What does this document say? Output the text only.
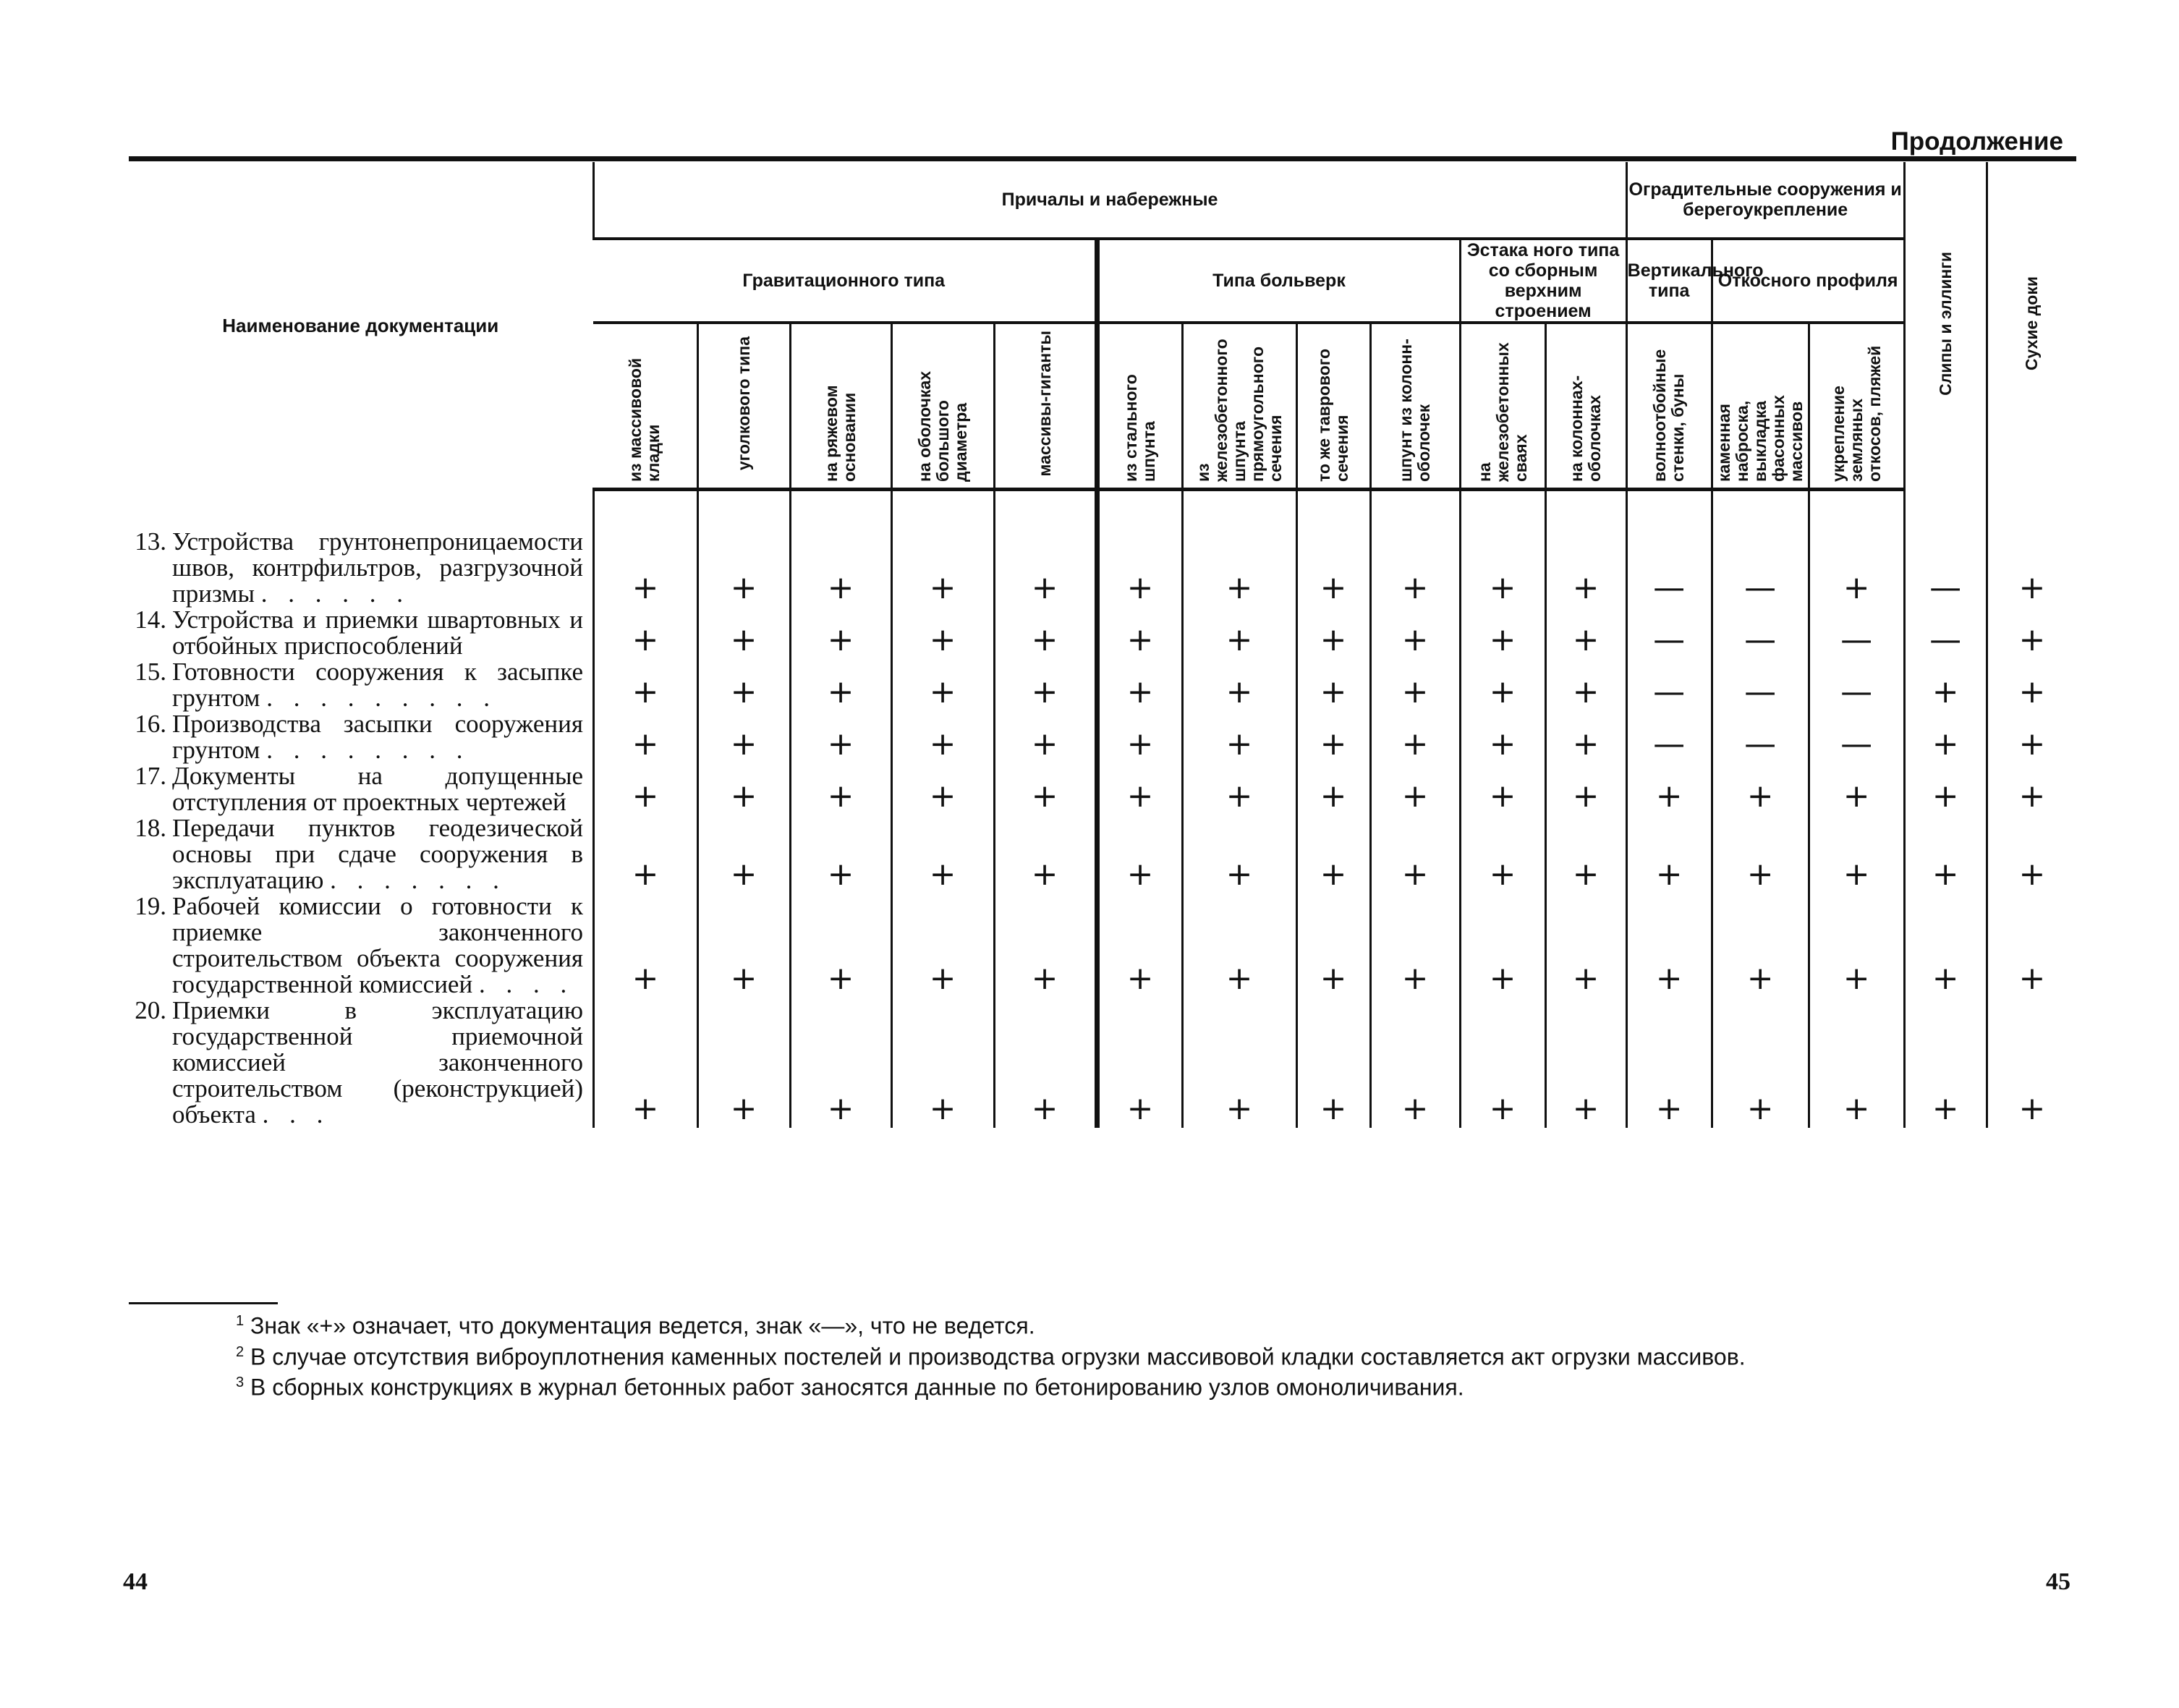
Продолжение
Наименование документации	Причалы и набережные											Оградительные сооружения и берегоукрепление			Слипы и эллинги	Сухие доки
	Гравитационного типа					Типа больверк				Эстака ного типа со сборным верхним строением		Вертикального типа	Откосного профиля			
	из массивовой кладки	уголкового типа	на ряжевом основании	на оболочках большого диаметра	массивы-гиганты	из стального шпунта	из железобетонного шпунта прямоугольного сечения	то же таврового сечения	шпунт из колонн-оболочек	на железобетонных сваях	на колоннах-оболочках	волноотбойные стенки, буны	каменная наброска, выкладка фасонных массивов	укрепление земляных откосов, пляжей		
13. Устройства грунтонепроницаемости швов, контрфильтров, разгрузочной призмы . . . . . .	+	+	+	+	+	+	+	+	+	+	+	—	—	+	—	+
14. Устройства и приемки швартовных и отбойных приспособлений	+	+	+	+	+	+	+	+	+	+	+	—	—	—	—	+
15. Готовности сооружения к засыпке грунтом . . . . . . . . .	+	+	+	+	+	+	+	+	+	+	+	—	—	—	+	+
16. Производства засыпки сооружения грунтом . . . . . . . .	+	+	+	+	+	+	+	+	+	+	+	—	—	—	+	+
17. Документы на допущенные отступления от проектных чертежей	+	+	+	+	+	+	+	+	+	+	+	+	+	+	+	+
18. Передачи пунктов геодезической основы при сдаче сооружения в эксплуатацию . . . . . . .	+	+	+	+	+	+	+	+	+	+	+	+	+	+	+	+
19. Рабочей комиссии о готовности к приемке законченного строительством объекта сооружения государственной комиссией . . . .	+	+	+	+	+	+	+	+	+	+	+	+	+	+	+	+
20. Приемки в эксплуатацию государственной приемочной комиссией законченного строительством (реконструкцией) объекта . . .	+	+	+	+	+	+	+	+	+	+	+	+	+	+	+	+

$^1$ Знак «+» означает, что документация ведется, знак «—», что не ведется.

$^2$ В случае отсутствия виброуплотнения каменных постелей и производства огрузки массивовой кладки составляется акт огрузки массивов.

$^3$ В сборных конструкциях в журнал бетонных работ заносятся данные по бетонированию узлов омоноличивания.

44	45
